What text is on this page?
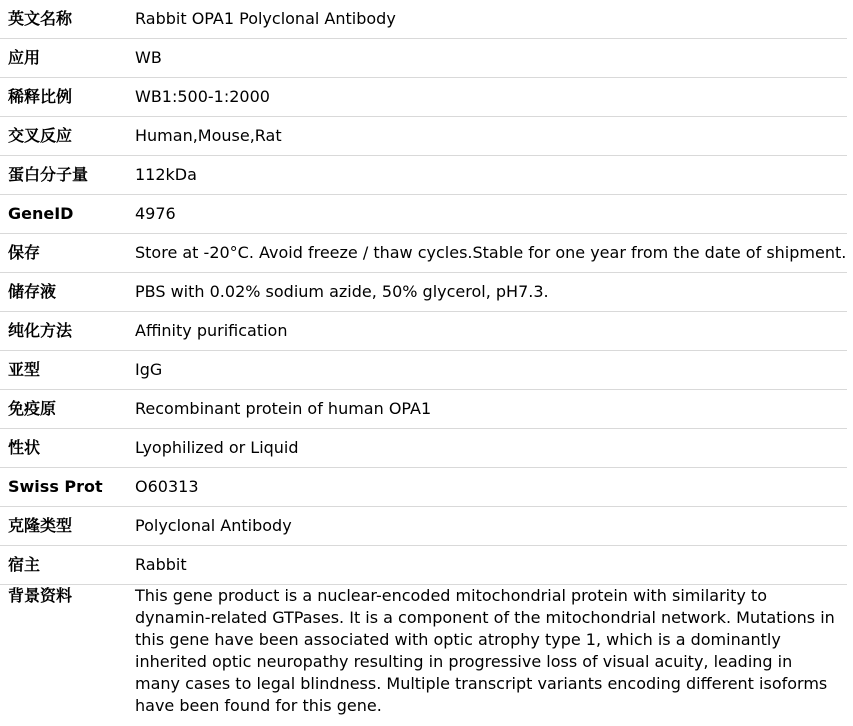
英文名称	Rabbit OPA1 Polyclonal Antibody
应用	WB
稀释比例	WB1:500-1:2000
交叉反应	Human,Mouse,Rat
蛋白分子量	112kDa
GeneID	4976
保存	Store at -20°C. Avoid freeze / thaw cycles.Stable for one year from the date of shipment.
储存液	PBS with 0.02% sodium azide, 50% glycerol, pH7.3.
纯化方法	Affinity purification
亚型	IgG
免疫原	Recombinant protein of human OPA1
性状	Lyophilized or Liquid
Swiss Prot	O60313
克隆类型	Polyclonal Antibody
宿主	Rabbit
背景资料	This gene product is a nuclear-encoded mitochondrial protein with similarity to dynamin-related GTPases. It is a component of the mitochondrial network. Mutations in this gene have been associated with optic atrophy type 1, which is a dominantly inherited optic neuropathy resulting in progressive loss of visual acuity, leading in many cases to legal blindness. Multiple transcript variants encoding different isoforms have been found for this gene.
